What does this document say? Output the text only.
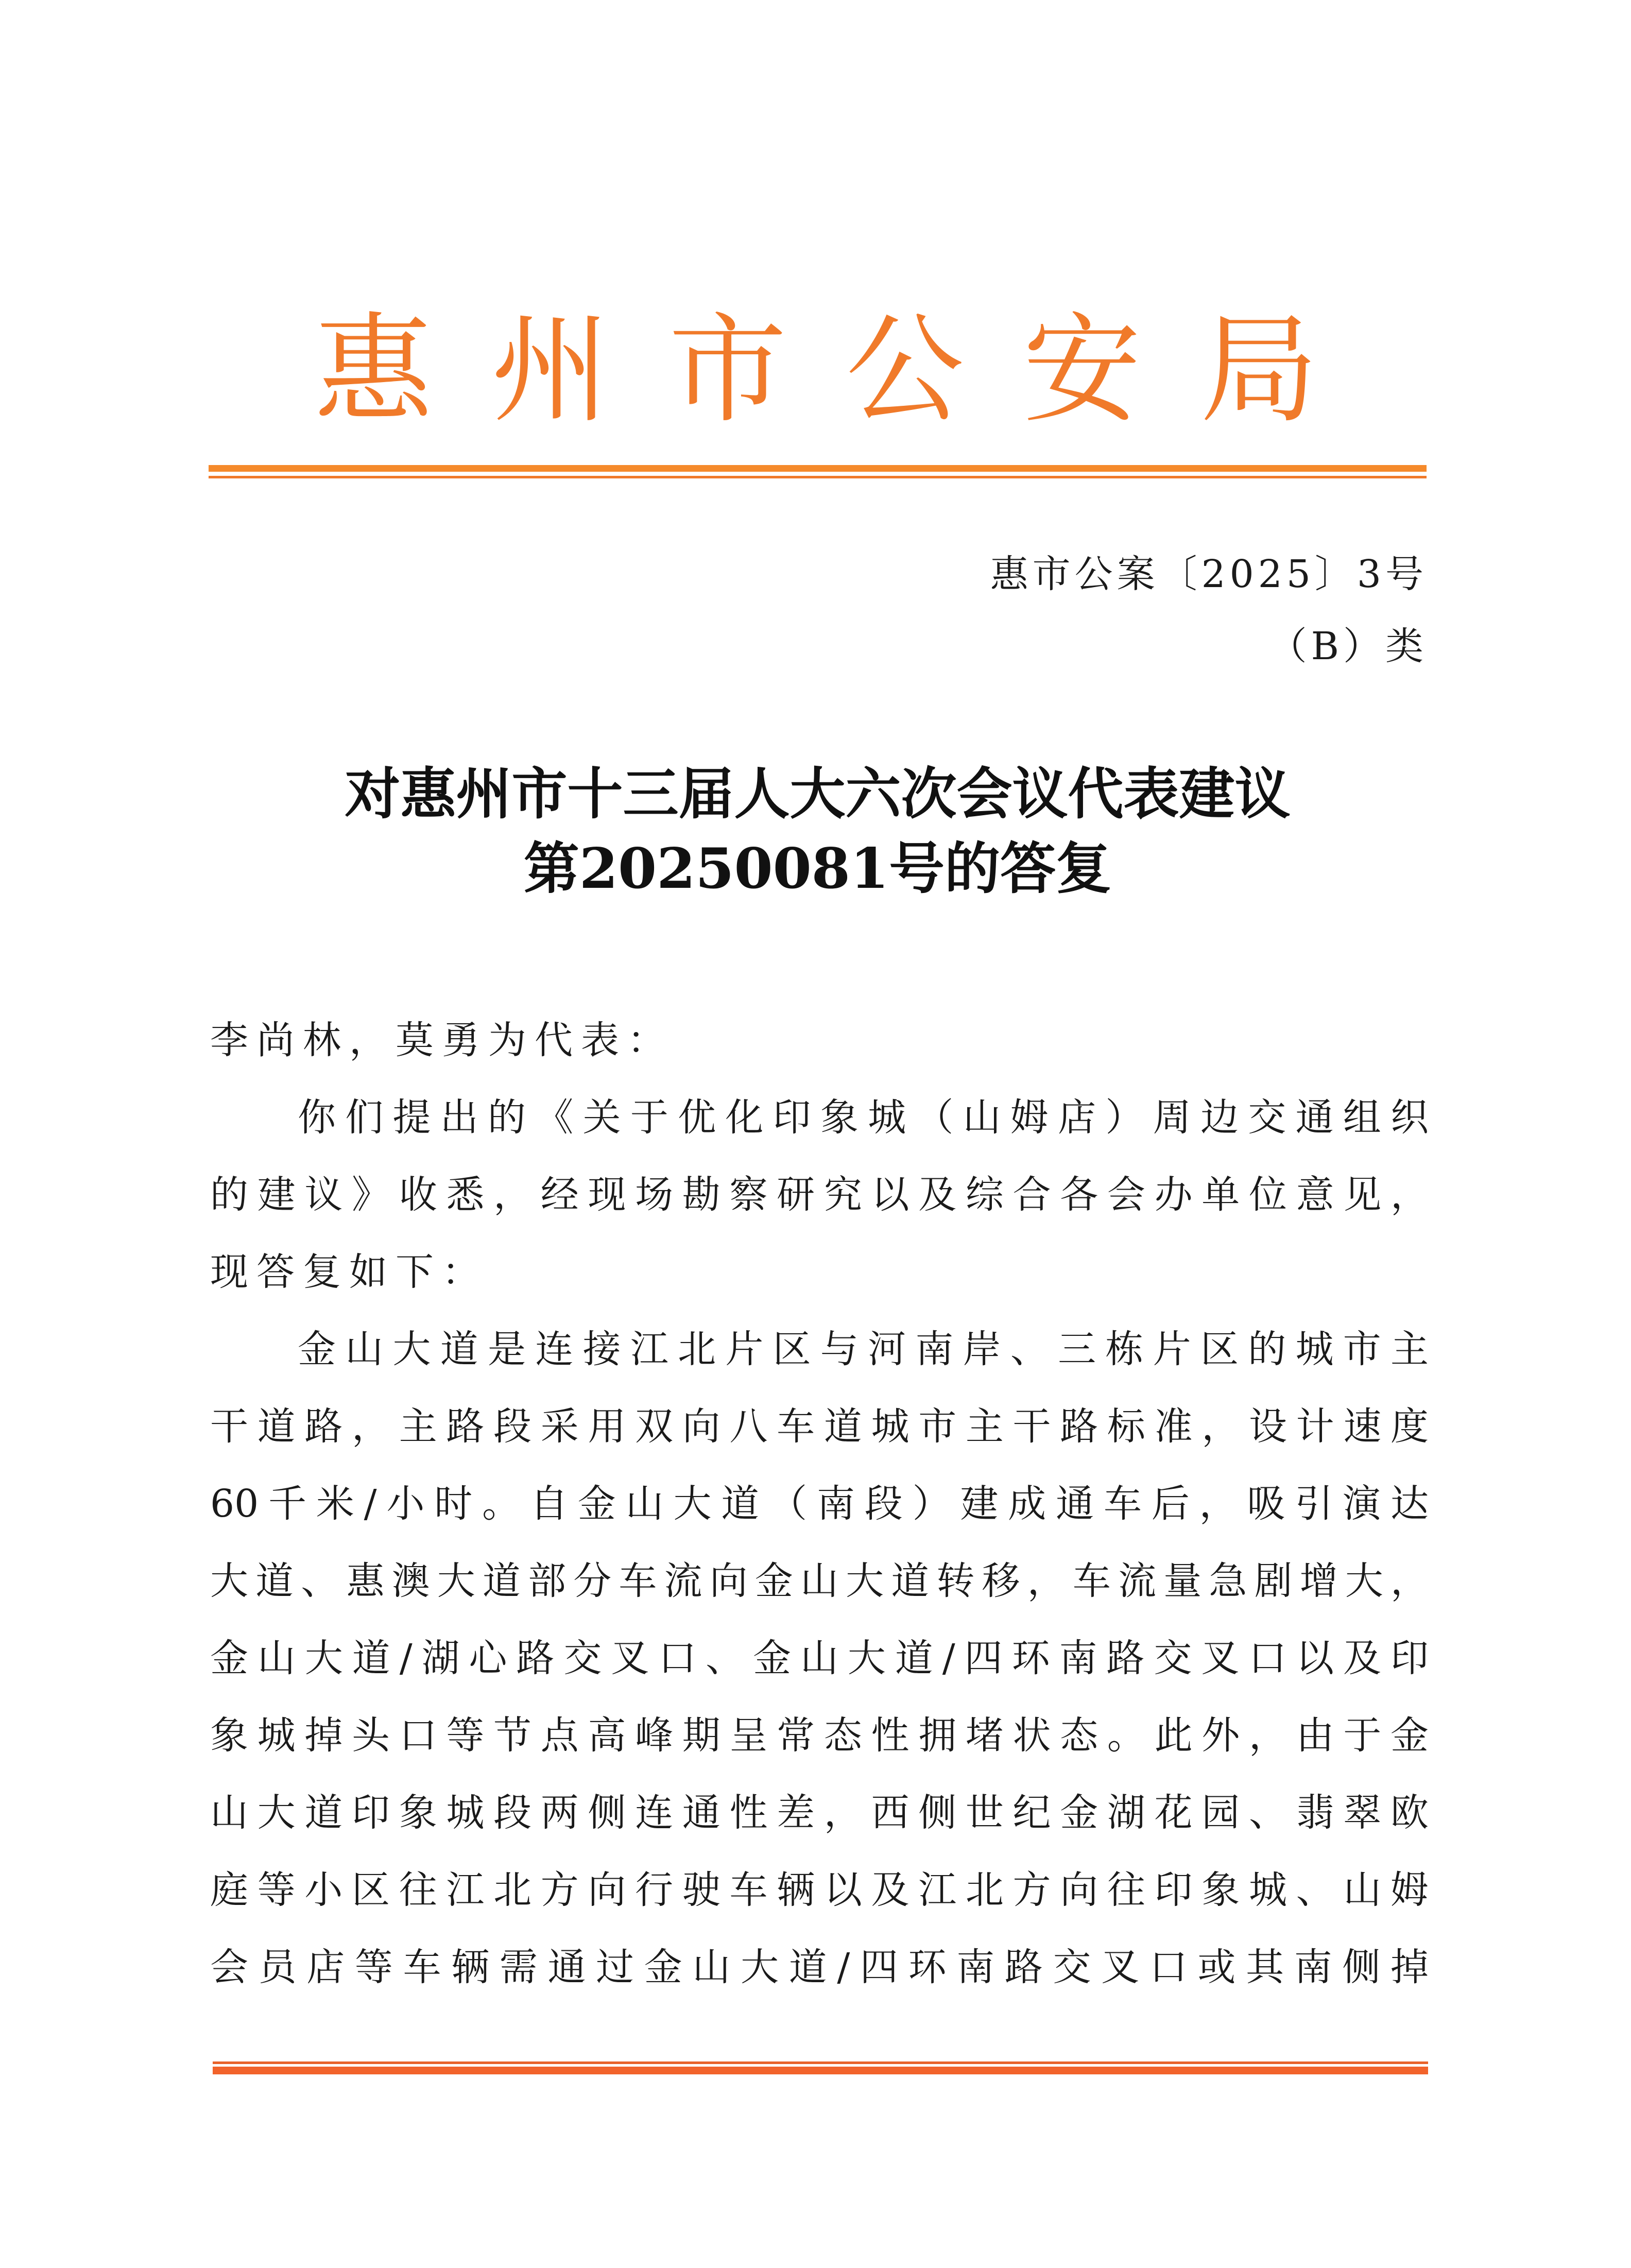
惠 州 市 公 安 局
惠市公案〔2025〕3号
（B）类
对惠州市十三届人大六次会议代表建议
第20250081号的答复
李尚林，莫勇为代表：
你们提出的《关于优化印象城（山姆店）周边交通组织
的建议》收悉，经现场勘察研究以及综合各会办单位意见，
现答复如下：
金山大道是连接江北片区与河南岸、三栋片区的城市主
干道路，主路段采用双向八车道城市主干路标准，设计速度
60千米/小时。自金山大道（南段）建成通车后，吸引演达
大道、惠澳大道部分车流向金山大道转移，车流量急剧增大，
金山大道/湖心路交叉口、金山大道/四环南路交叉口以及印
象城掉头口等节点高峰期呈常态性拥堵状态。此外，由于金
山大道印象城段两侧连通性差，西侧世纪金湖花园、翡翠欧
庭等小区往江北方向行驶车辆以及江北方向往印象城、山姆
会员店等车辆需通过金山大道/四环南路交叉口或其南侧掉
